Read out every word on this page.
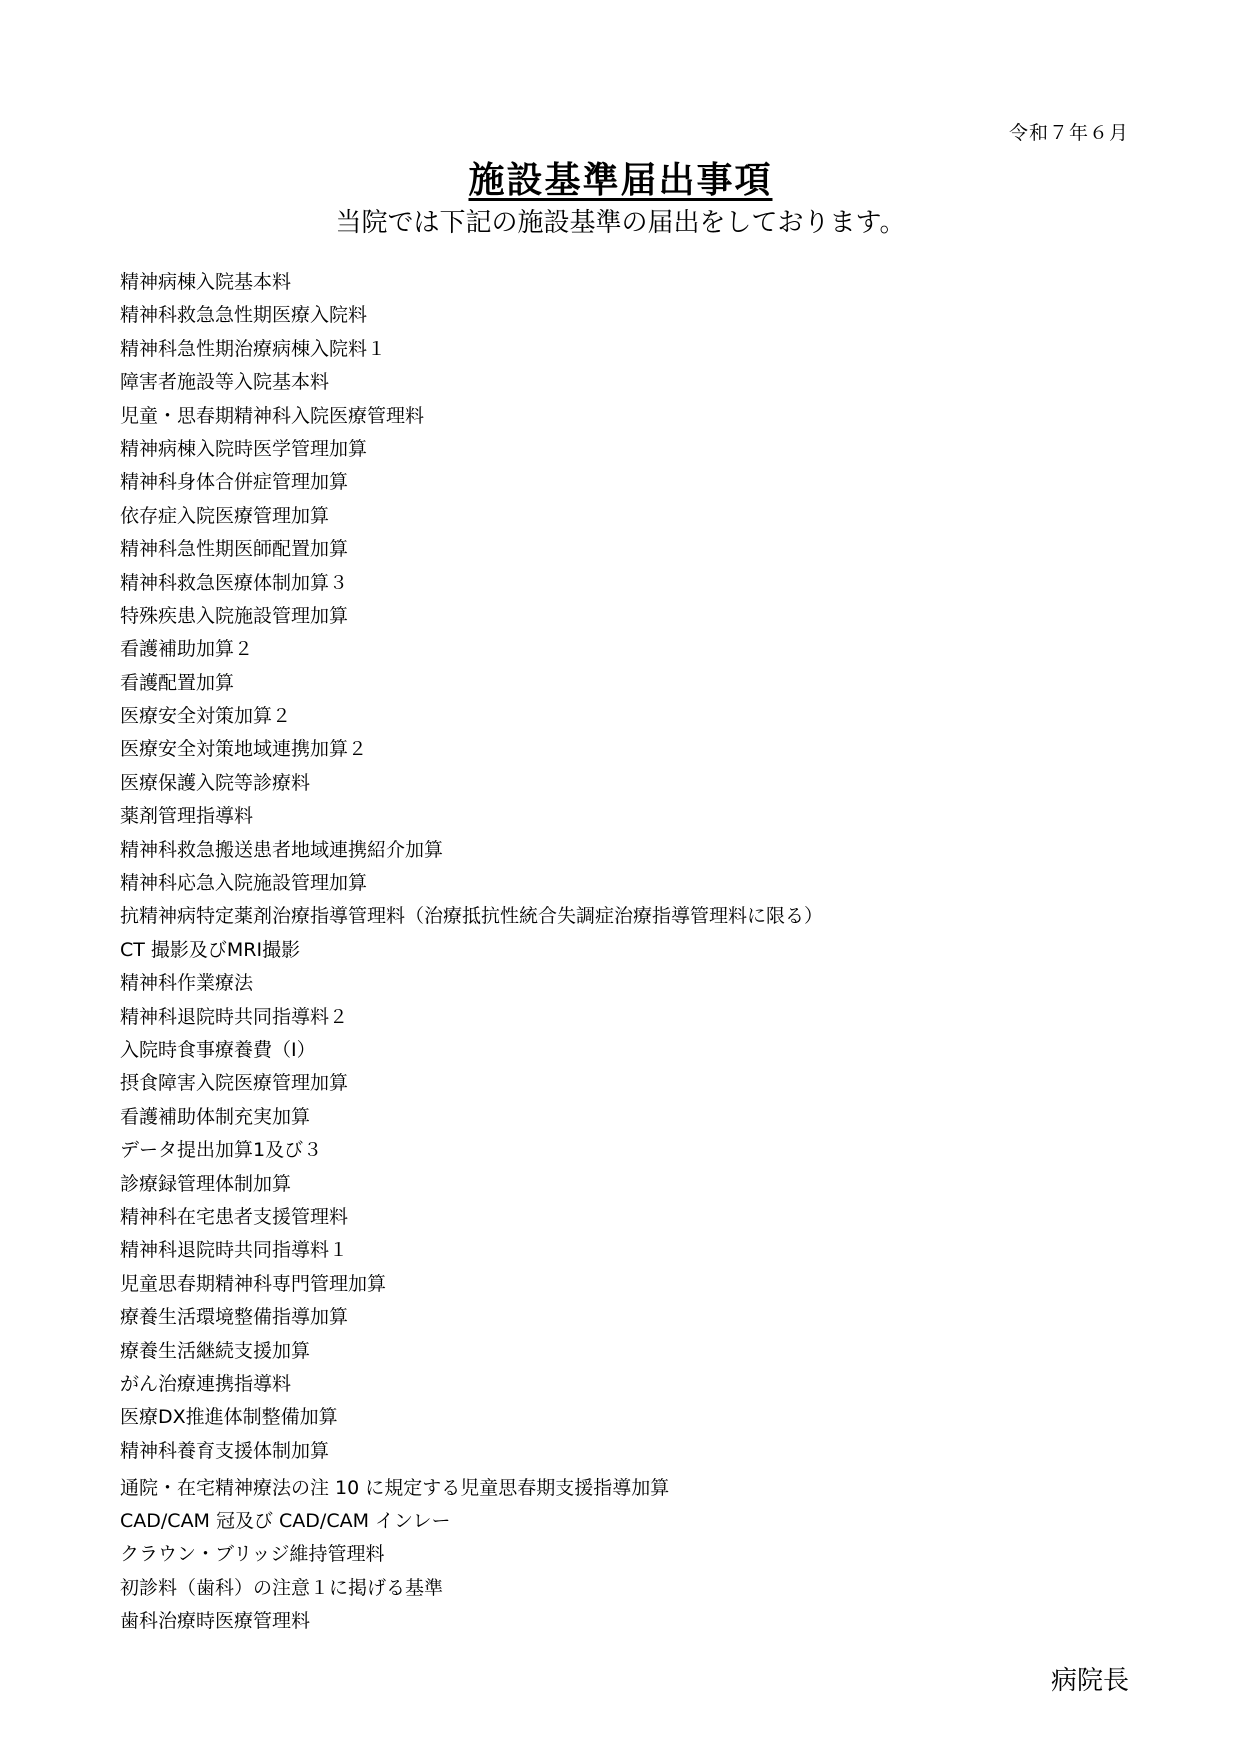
令和７年６月
施設基準届出事項

当院では下記の施設基準の届出をしております。

精神病棟入院基本料
精神科救急急性期医療入院料
精神科急性期治療病棟入院料１
障害者施設等入院基本料
児童・思春期精神科入院医療管理料
精神病棟入院時医学管理加算
精神科身体合併症管理加算
依存症入院医療管理加算
精神科急性期医師配置加算
精神科救急医療体制加算３
特殊疾患入院施設管理加算
看護補助加算２
看護配置加算
医療安全対策加算２
医療安全対策地域連携加算２
医療保護入院等診療料
薬剤管理指導料
精神科救急搬送患者地域連携紹介加算
精神科応急入院施設管理加算
抗精神病特定薬剤治療指導管理料（治療抵抗性統合失調症治療指導管理料に限る）
CT 撮影及びMRI撮影
精神科作業療法
精神科退院時共同指導料２
入院時食事療養費（Ⅰ）
摂食障害入院医療管理加算
看護補助体制充実加算
データ提出加算1及び３
診療録管理体制加算
精神科在宅患者支援管理料
精神科退院時共同指導料１
児童思春期精神科専門管理加算
療養生活環境整備指導加算
療養生活継続支援加算
がん治療連携指導料
医療DX推進体制整備加算
精神科養育支援体制加算
通院・在宅精神療法の注 10 に規定する児童思春期支援指導加算
CAD/CAM 冠及び CAD/CAM インレー
クラウン・ブリッジ維持管理料
初診料（歯科）の注意１に掲げる基準
歯科治療時医療管理料
病院長
